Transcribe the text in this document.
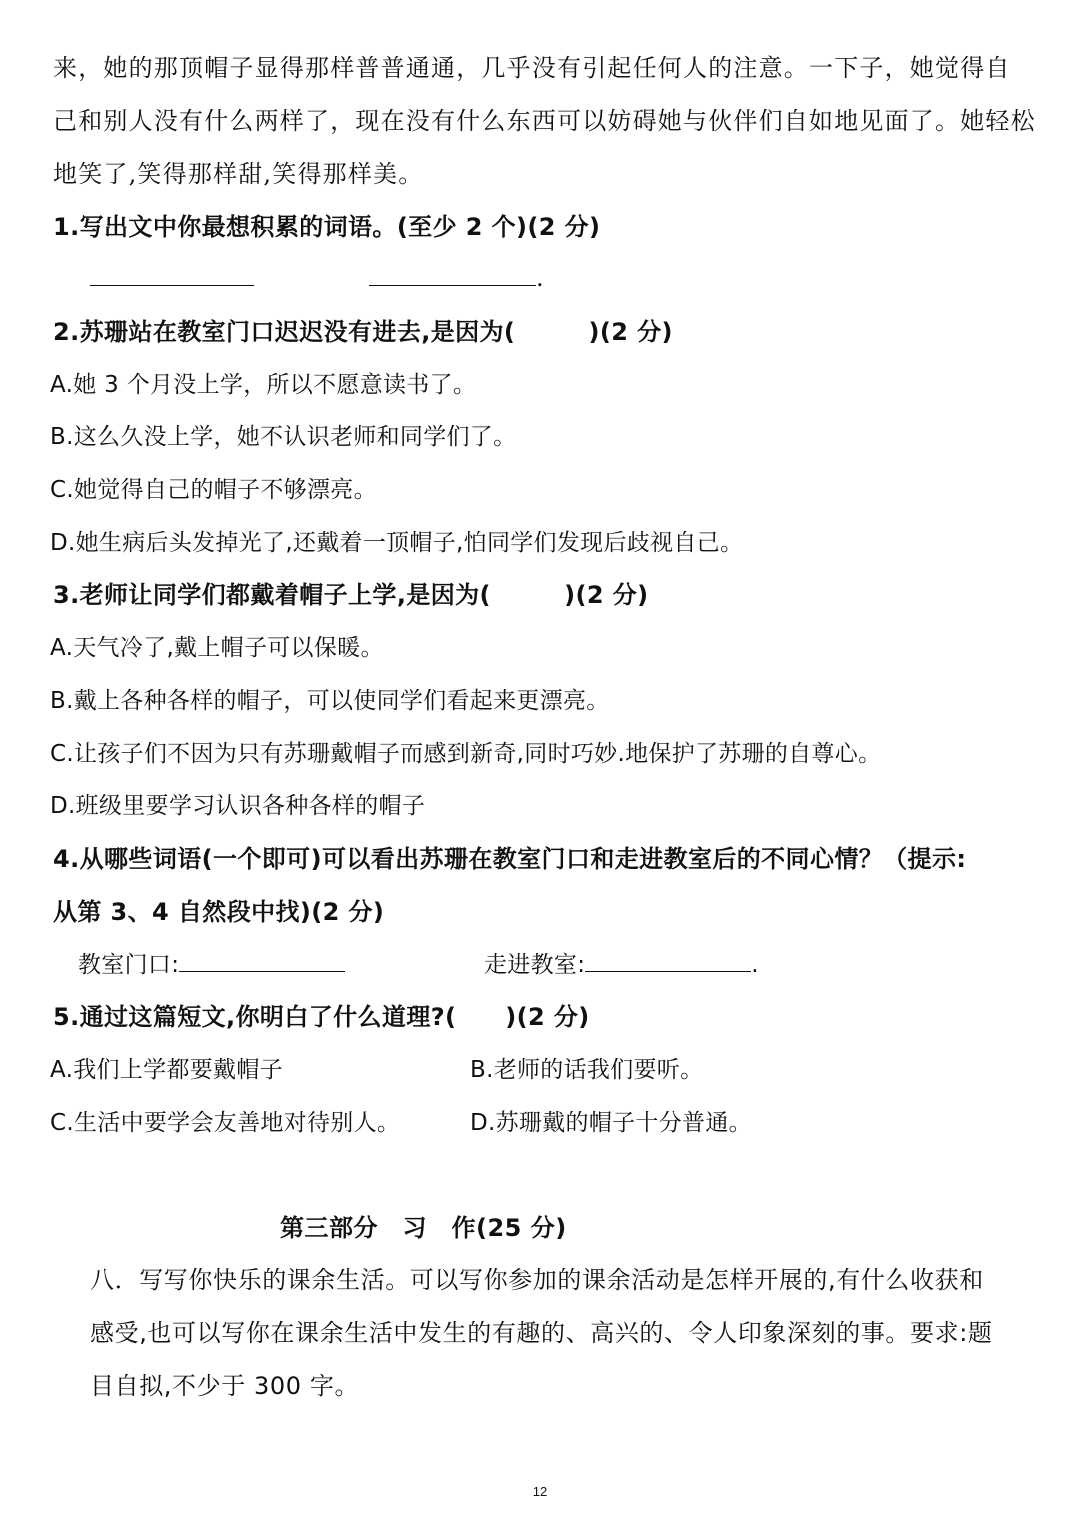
来，她的那顶帽子显得那样普普通通，几乎没有引起任何人的注意。一下子，她觉得自
己和别人没有什么两样了，现在没有什么东西可以妨碍她与伙伴们自如地见面了。她轻松
地笑了,笑得那样甜,笑得那样美。
1.写出文中你最想积累的词语。(至少 2 个)(2 分)
.
2.苏珊站在教室门口迟迟没有进去,是因为(　　　)(2 分)
A.她 3 个月没上学，所以不愿意读书了。
B.这么久没上学，她不认识老师和同学们了。
C.她觉得自己的帽子不够漂亮。
D.她生病后头发掉光了,还戴着一顶帽子,怕同学们发现后歧视自己。
3.老师让同学们都戴着帽子上学,是因为(　　　)(2 分)
A.天气冷了,戴上帽子可以保暖。
B.戴上各种各样的帽子，可以使同学们看起来更漂亮。
C.让孩子们不因为只有苏珊戴帽子而感到新奇,同时巧妙.地保护了苏珊的自尊心。
D.班级里要学习认识各种各样的帽子
4.从哪些词语(一个即可)可以看出苏珊在教室门口和走进教室后的不同心情？（提示:
从第 3、4 自然段中找)(2 分)
教室门口:	走进教室:	.
5.通过这篇短文,你明白了什么道理?(　　)(2 分)
A.我们上学都要戴帽子	B.老师的话我们要听。
C.生活中要学会友善地对待别人。	D.苏珊戴的帽子十分普通。
第三部分　习　作(25 分)
八．写写你快乐的课余生活。可以写你参加的课余活动是怎样开展的,有什么收获和
感受,也可以写你在课余生活中发生的有趣的、高兴的、令人印象深刻的事。要求:题
目自拟,不少于 300 字。
12
